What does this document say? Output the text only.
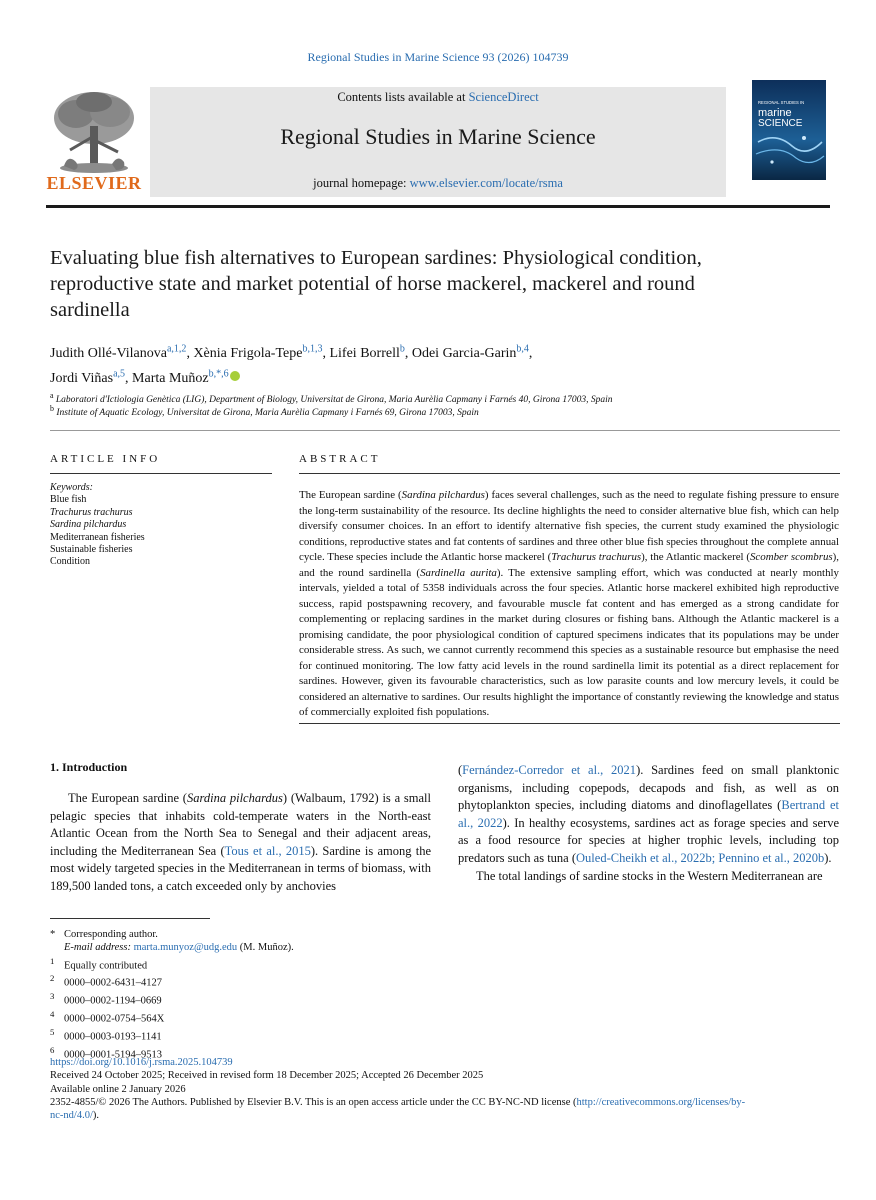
Regional Studies in Marine Science 93 (2026) 104739
ELSEVIER
Contents lists available at ScienceDirect
Regional Studies in Marine Science
journal homepage: www.elsevier.com/locate/rsma
REGIONAL STUDIES IN
marine
SCIENCE
Evaluating blue fish alternatives to European sardines: Physiological condition, reproductive state and market potential of horse mackerel, mackerel and round sardinella
Judith Ollé-Vilanova$^{a,1,2}$, Xènia Frigola-Tepe$^{b,1,3}$, Lifei Borrell$^b$, Odei Garcia-Garin$^{b,4}$,
Jordi Viñas$^{a,5}$, Marta Muñoz$^{b,*,6}$
$^a$ Laboratori d'Ictiologia Genètica (LIG), Department of Biology, Universitat de Girona, Maria Aurèlia Capmany i Farnés 40, Girona 17003, Spain
$^b$ Institute of Aquatic Ecology, Universitat de Girona, Maria Aurèlia Capmany i Farnés 69, Girona 17003, Spain
ARTICLE INFO	ABSTRACT
Keywords:
Blue fish
Trachurus trachurus
Sardina pilchardus
Mediterranean fisheries
Sustainable fisheries
Condition
The European sardine (Sardina pilchardus) faces several challenges, such as the need to regulate fishing pressure to ensure the long-term sustainability of the resource. Its decline highlights the need to consider alternative blue fish, which can help diversify consumer choices. In an effort to identify alternative fish species, the current study examined the physiologic conditions, reproductive states and fat contents of sardines and three other blue fish species throughout the complete annual cycle. These species include the Atlantic horse mackerel (Trachurus trachurus), the Atlantic mackerel (Scomber scombrus), and the round sardinella (Sardinella aurita). The extensive sampling effort, which was conducted at nearly monthly intervals, yielded a total of 5358 individuals across the four species. Atlantic horse mackerel exhibited high reproductive success, rapid postspawning recovery, and favourable muscle fat content and has emerged as a strong candidate for complementing or replacing sardines in the market during closures or fishing bans. Although the Atlantic mackerel is a promising candidate, the poor physiological condition of captured specimens indicates that its populations may be under considerable stress. As such, we cannot currently recommend this species as a sustainable resource but emphasise the need for continued monitoring. The low fatty acid levels in the round sardinella limit its potential as a direct replacement for sardines. However, given its favourable characteristics, such as low parasite counts and low mercury levels, it could be considered an alternative to sardines. Our results highlight the importance of constantly reviewing the knowledge and status of commercially exploited fish populations.
1. Introduction
The European sardine (Sardina pilchardus) (Walbaum, 1792) is a small pelagic species that inhabits cold-temperate waters in the North-east Atlantic Ocean from the North Sea to Senegal and their adjacent areas, including the Mediterranean Sea (Tous et al., 2015). Sardine is among the most widely targeted species in the Mediterranean in terms of biomass, with 189,500 landed tons, a catch exceeded only by anchovies
(Fernández-Corredor et al., 2021). Sardines feed on small planktonic organisms, including copepods, decapods and fish, as well as on phytoplankton species, including diatoms and dinoflagellates (Bertrand et al., 2022). In healthy ecosystems, sardines act as forage species and serve as a food resource for species at higher trophic levels, including top predators such as tuna (Ouled-Cheikh et al., 2022b; Pennino et al., 2020b).
The total landings of sardine stocks in the Western Mediterranean are
* Corresponding author.
E-mail address: marta.munyoz@udg.edu (M. Muñoz).
$^1$ Equally contributed
$^2$ 0000–0002-6431–4127
$^3$ 0000–0002-1194–0669
$^4$ 0000–0002-0754–564X
$^5$ 0000–0003-0193–1141
$^6$ 0000–0001-5194–9513
https://doi.org/10.1016/j.rsma.2025.104739
Received 24 October 2025; Received in revised form 18 December 2025; Accepted 26 December 2025
Available online 2 January 2026
2352-4855/© 2026 The Authors. Published by Elsevier B.V. This is an open access article under the CC BY-NC-ND license (http://creativecommons.org/licenses/by-
nc-nd/4.0/).
